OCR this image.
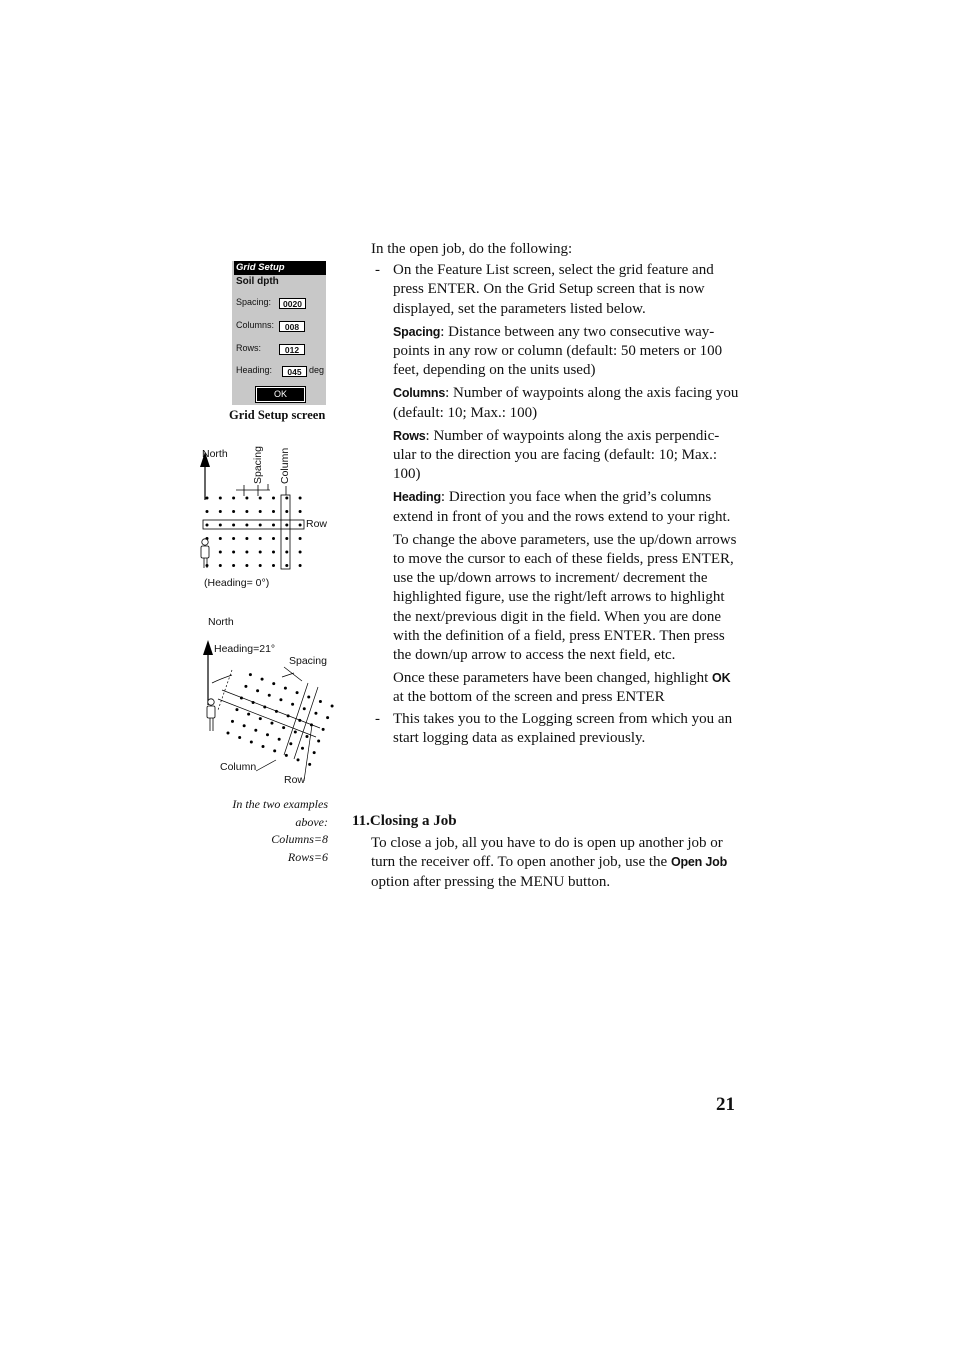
Grid Setup
Soil dpth
Spacing:	0020
Columns:	008
Rows:	012
Heading:	045 deg
OK
Grid Setup screen
North Spacing Column
Row
(Heading= 0°)
North
Heading=21°
Spacing
Column
Row
In the two examples
above:
Columns=8
Rows=6

In the open job, do the following:

- On the Feature List screen, select the grid feature and press ENTER. On the Grid Setup screen that is now displayed, set the parameters listed below.
Spacing: Distance between any two consecutive way-points in any row or column (default: 50 meters or 100 feet, depending on the units used)
Columns: Number of waypoints along the axis facing you (default: 10; Max.: 100)
Rows: Number of waypoints along the axis perpendic-ular to the direction you are facing (default: 10; Max.: 100)
Heading: Direction you face when the grid’s columns extend in front of you and the rows extend to your right.
To change the above parameters, use the up/down arrows to move the cursor to each of these fields, press ENTER, use the up/down arrows to increment/ decrement the highlighted figure, use the right/left arrows to highlight the next/previous digit in the field. When you are done with the definition of a field, press ENTER. Then press the down/up arrow to access the next field, etc.
Once these parameters have been changed, highlight OK at the bottom of the screen and press ENTER
- This takes you to the Logging screen from which you an start logging data as explained previously.

11.Closing a Job

To close a job, all you have to do is open up another job or turn the receiver off. To open another job, use the Open Job option after pressing the MENU button.
21
